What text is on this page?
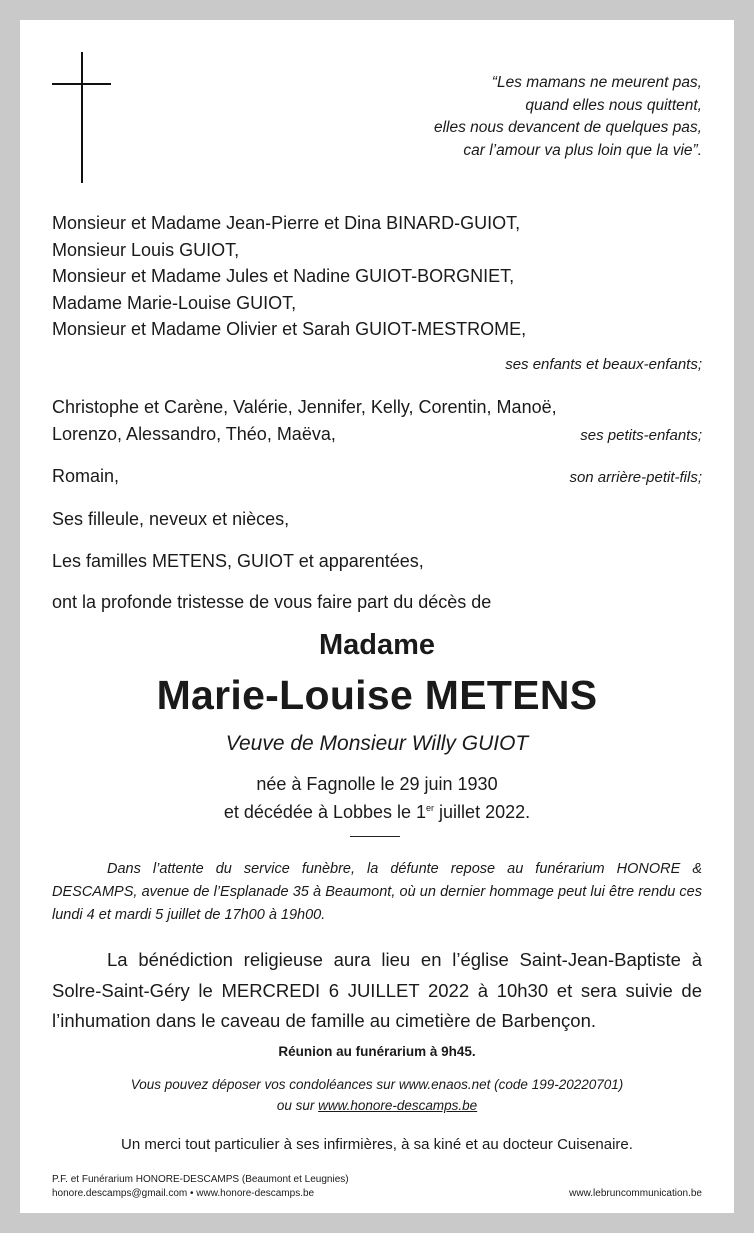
“Les mamans ne meurent pas,
quand elles nous quittent,
elles nous devancent de quelques pas,
car l’amour va plus loin que la vie”.
Monsieur et Madame Jean-Pierre et Dina BINARD-GUIOT,
Monsieur Louis GUIOT,
Monsieur et Madame Jules et Nadine GUIOT-BORGNIET,
Madame Marie-Louise GUIOT,
Monsieur et Madame Olivier et Sarah GUIOT-MESTROME,
ses enfants et beaux-enfants;
Christophe et Carène, Valérie, Jennifer, Kelly, Corentin, Manoë,
Lorenzo, Alessandro, Théo, Maëva,	ses petits-enfants;
Romain,	son arrière-petit-fils;
Ses filleule, neveux et nièces,
Les familles METENS, GUIOT et apparentées,
ont la profonde tristesse de vous faire part du décès de
Madame
Marie-Louise METENS
Veuve de Monsieur Willy GUIOT
née à Fagnolle le 29 juin 1930
et décédée à Lobbes le 1er juillet 2022.
Dans l’attente du service funèbre, la défunte repose au funérarium HONORE & DESCAMPS, avenue de l’Esplanade 35 à Beaumont, où un dernier hommage peut lui être rendu ces lundi 4 et mardi 5 juillet de 17h00 à 19h00.
La bénédiction religieuse aura lieu en l’église Saint-Jean-Baptiste à Solre-Saint-Géry le MERCREDI 6 JUILLET 2022 à 10h30 et sera suivie de l’inhumation dans le caveau de famille au cimetière de Barbençon.
Réunion au funérarium à 9h45.
Vous pouvez déposer vos condoléances sur www.enaos.net (code 199-20220701)
ou sur www.honore-descamps.be
Un merci tout particulier à ses infirmières, à sa kiné et au docteur Cuisenaire.
P.F. et Funérarium HONORE-DESCAMPS (Beaumont et Leugnies)
honore.descamps@gmail.com • www.honore-descamps.be	www.lebruncommunication.be
